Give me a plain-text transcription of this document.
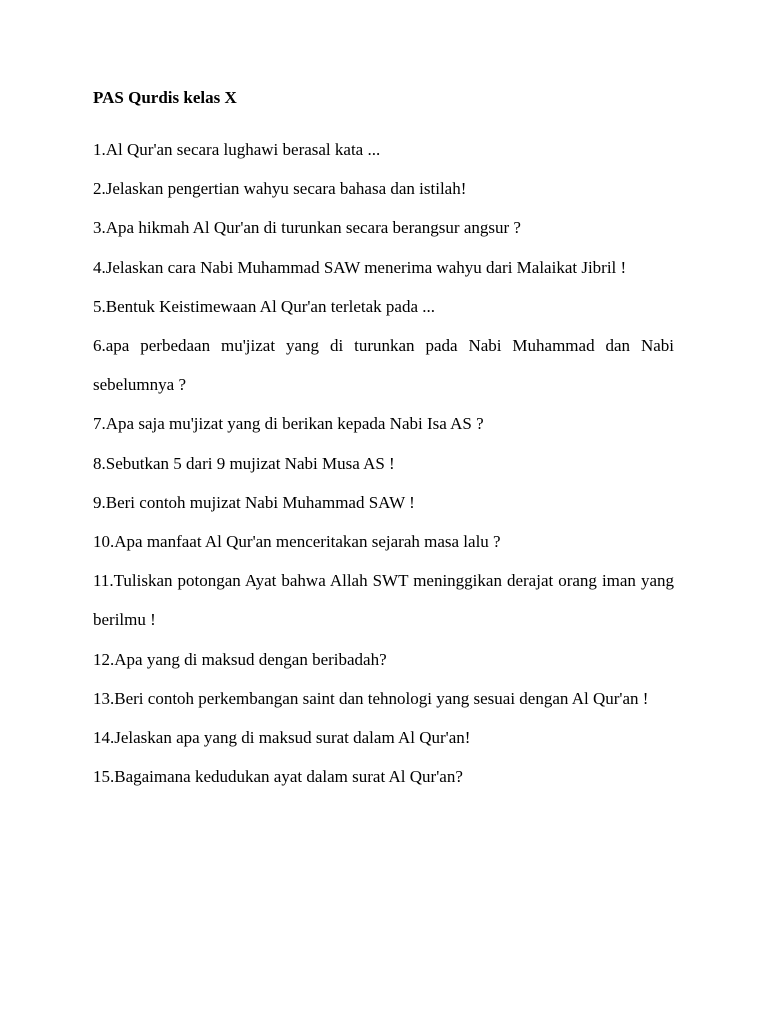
PAS Qurdis kelas X
1.Al Qur'an secara lughawi berasal kata ...
2.Jelaskan pengertian wahyu secara bahasa dan istilah!
3.Apa hikmah Al Qur'an di turunkan secara berangsur angsur ?
4.Jelaskan cara Nabi Muhammad SAW menerima wahyu dari Malaikat Jibril !
5.Bentuk Keistimewaan Al Qur'an terletak pada ...
6.apa perbedaan mu'jizat yang di turunkan pada Nabi Muhammad dan Nabi sebelumnya ?
7.Apa saja mu'jizat yang di berikan kepada Nabi Isa AS ?
8.Sebutkan 5 dari 9 mujizat Nabi Musa AS !
9.Beri contoh mujizat Nabi Muhammad SAW !
10.Apa manfaat Al Qur'an menceritakan sejarah masa lalu ?
11.Tuliskan potongan Ayat bahwa Allah SWT meninggikan derajat orang iman yang berilmu !
12.Apa yang di maksud dengan beribadah?
13.Beri contoh perkembangan saint dan tehnologi yang sesuai dengan Al Qur'an !
14.Jelaskan apa yang di maksud surat dalam Al Qur'an!
15.Bagaimana kedudukan ayat dalam surat Al Qur'an?
